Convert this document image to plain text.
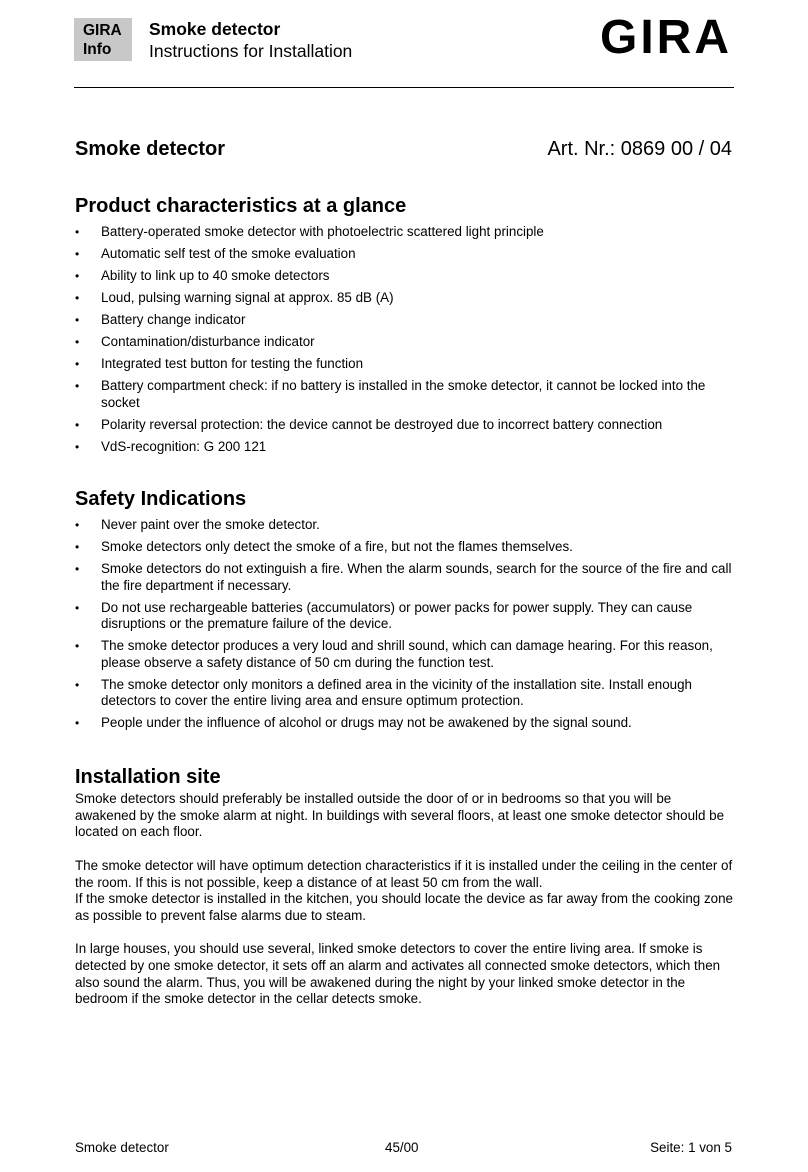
GIRA
Info
Smoke detector
Instructions for Installation	GIRA
Smoke detector	Art. Nr.: 0869 00 / 04
Product characteristics at a glance
• Battery-operated smoke detector with photoelectric scattered light principle
• Automatic self test of the smoke evaluation
• Ability to link up to 40 smoke detectors
• Loud, pulsing warning signal at approx. 85 dB (A)
• Battery change indicator
• Contamination/disturbance indicator
• Integrated test button for testing the function
• Battery compartment check: if no battery is installed in the smoke detector, it cannot be locked into the socket
• Polarity reversal protection: the device cannot be destroyed due to incorrect battery connection
• VdS-recognition: G 200 121
Safety Indications
• Never paint over the smoke detector.
• Smoke detectors only detect the smoke of a fire, but not the flames themselves.
• Smoke detectors do not extinguish a fire. When the alarm sounds, search for the source of the fire and call the fire department if necessary.
• Do not use rechargeable batteries (accumulators) or power packs for power supply. They can cause disruptions or the premature failure of the device.
• The smoke detector produces a very loud and shrill sound, which can damage hearing. For this reason, please observe a safety distance of 50 cm during the function test.
• The smoke detector only monitors a defined area in the vicinity of the installation site. Install enough detectors to cover the entire living area and ensure optimum protection.
• People under the influence of alcohol or drugs may not be awakened by the signal sound.
Installation site

Smoke detectors should preferably be installed outside the door of or in bedrooms so that you will be awakened by the smoke alarm at night. In buildings with several floors, at least one smoke detector should be located on each floor.

The smoke detector will have optimum detection characteristics if it is installed under the ceiling in the center of the room. If this is not possible, keep a distance of at least 50 cm from the wall.
If the smoke detector is installed in the kitchen, you should locate the device as far away from the cooking zone as possible to prevent false alarms due to steam.

In large houses, you should use several, linked smoke detectors to cover the entire living area. If smoke is detected by one smoke detector, it sets off an alarm and activates all connected smoke detectors, which then also sound the alarm. Thus, you will be awakened during the night by your linked smoke detector in the bedroom if the smoke detector in the cellar detects smoke.

Smoke detector	45/00	Seite: 1 von 5
